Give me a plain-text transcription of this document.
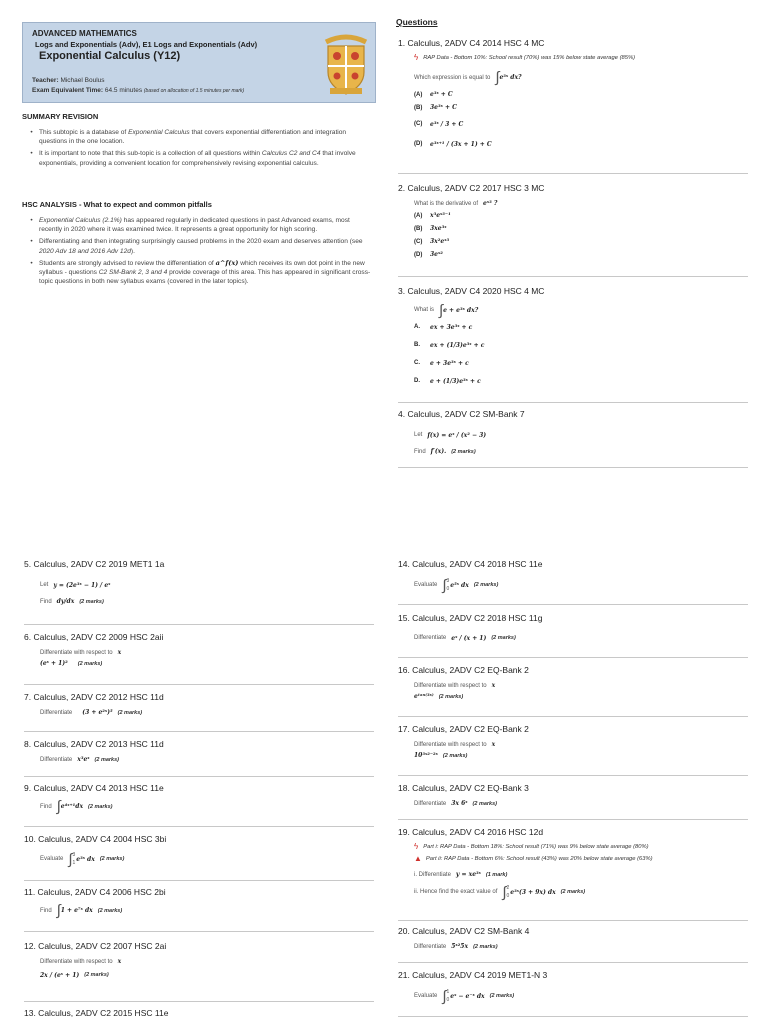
ADVANCED MATHEMATICS
Logs and Exponentials (Adv), E1 Logs and Exponentials (Adv)
Exponential Calculus (Y12)
Teacher: Michael Boulus
Exam Equivalent Time: 64.5 minutes (based on allocation of 1.5 minutes per mark)
SUMMARY REVISION
• This subtopic is a database of Exponential Calculus that covers exponential differentiation and integration questions in the one location.
• It is important to note that this sub-topic is a collection of all questions within Calculus C2 and C4 that involve exponentials, providing a convenient location for comprehensively revising exponential calculus.
HSC ANALYSIS - What to expect and common pitfalls
• Exponential Calculus (2.1%) has appeared regularly in dedicated questions in past Advanced exams, most recently in 2020 where it was examined twice. It represents a great opportunity for high scoring.
• Differentiating and then integrating surprisingly caused problems in the 2020 exam and deserves attention (see 2020 Adv 18 and 2016 Adv 12d).
• Students are strongly advised to review the differentiation of a^f(x) which receives its own dot point in the new syllabus - questions C2 SM-Bank 2, 3 and 4 provide coverage of this area. This has appeared in significant cross-topic questions in both new syllabus exams (covered in the later topics).
Questions
1. Calculus, 2ADV C4 2014 HSC 4 MC
ϟ RAP Data - Bottom 10%: School result (70%) was 15% below state average (85%)
Which expression is equal to ∫ e³ˣ dx?
(A)	e³ˣ + C
(B)	3e³ˣ + C
(C)	e³ˣ / 3 + C
(D)	e³ˣ⁺¹ / (3x + 1) + C
2. Calculus, 2ADV C2 2017 HSC 3 MC
What is the derivative of eˣ³ ?
(A)	x³eˣ³⁻¹
(B)	3xe³ˣ
(C)	3x²eˣ³
(D)	3eˣ²
3. Calculus, 2ADV C4 2020 HSC 4 MC
What is ∫ e + e³ˣ dx?
A.	ex + 3e³ˣ + c
B.	ex + (1/3)e³ˣ + c
C.	e + 3e³ˣ + c
D.	e + (1/3)e³ˣ + c
4. Calculus, 2ADV C2 SM-Bank 7
Let f(x) = eˣ / (x² − 3)
Find f′(x). (2 marks)
5. Calculus, 2ADV C2 2019 MET1 1a
Let y = (2e³ˣ − 1) / eˣ
Find dy/dx (2 marks)
6. Calculus, 2ADV C2 2009 HSC 2aii
Differentiate with respect to x
(eˣ + 1)² (2 marks)
7. Calculus, 2ADV C2 2012 HSC 11d
Differentiate (3 + e²ˣ)⁵ (2 marks)
8. Calculus, 2ADV C2 2013 HSC 11d
Differentiate x³eˣ (2 marks)
9. Calculus, 2ADV C4 2013 HSC 11e
Find ∫ e⁴ˣ⁺¹dx (2 marks)
10. Calculus, 2ADV C4 2004 HSC 3bi
Evaluate ∫ 3
1
e³ˣ dx (2 marks)
11. Calculus, 2ADV C4 2006 HSC 2bi
Find ∫ 1 + e⁷ˣ dx (2 marks)
12. Calculus, 2ADV C2 2007 HSC 2ai
Differentiate with respect to x
2x / (eˣ + 1) (2 marks)
13. Calculus, 2ADV C2 2015 HSC 11e
14. Calculus, 2ADV C4 2018 HSC 11e
Evaluate ∫ 3
0
e⁵ˣ dx (2 marks)
15. Calculus, 2ADV C2 2018 HSC 11g
Differentiate eˣ / (x + 1) (2 marks)
16. Calculus, 2ADV C2 EQ-Bank 2
Differentiate with respect to x
eᵗᵃⁿ⁽³ˣ⁾ (2 marks)
17. Calculus, 2ADV C2 EQ-Bank 2
Differentiate with respect to x
10³ˣ²⁻²ˣ (2 marks)
18. Calculus, 2ADV C2 EQ-Bank 3
Differentiate 3x 6ˣ (2 marks)
19. Calculus, 2ADV C4 2016 HSC 12d
ϟ Part i: RAP Data - Bottom 18%: School result (71%) was 9% below state average (80%)
▲ Part ii: RAP Data - Bottom 6%: School result (43%) was 20% below state average (63%)
i. Differentiate y = xe³ˣ (1 mark)
ii. Hence find the exact value of ∫ 2
0
e³ˣ(3 + 9x) dx (2 marks)
20. Calculus, 2ADV C2 SM-Bank 4
Differentiate 5ˣ²5x (2 marks)
21. Calculus, 2ADV C4 2019 MET1-N 3
Evaluate ∫ 1
0
eˣ − e⁻ˣ dx (2 marks)
